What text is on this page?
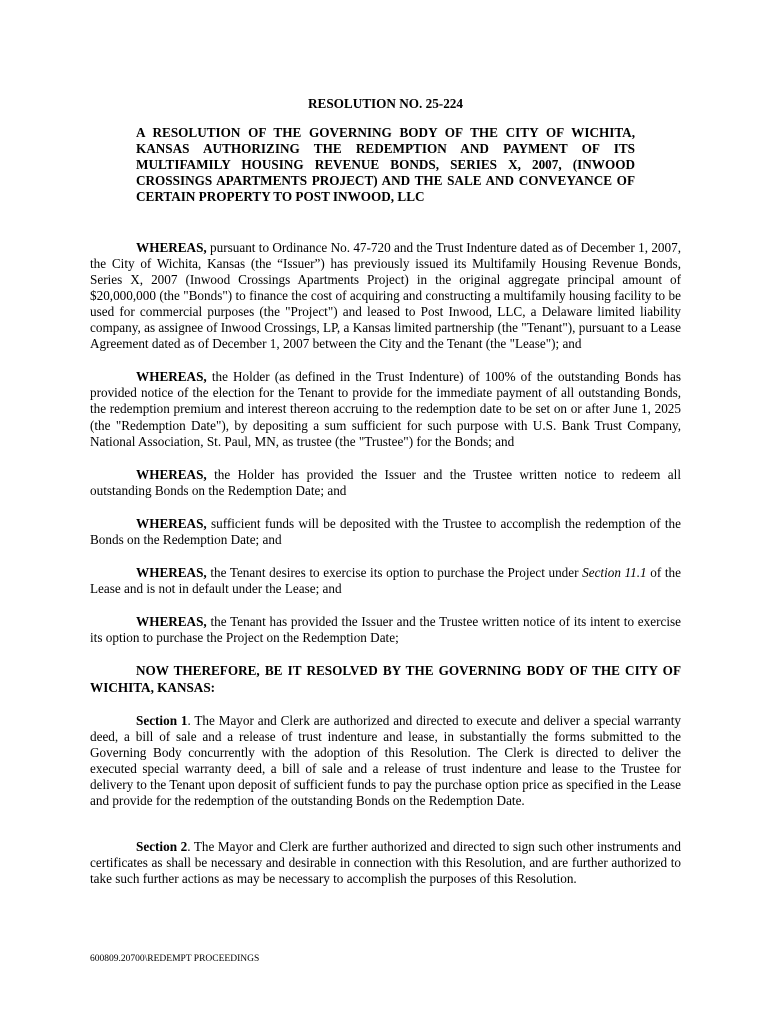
RESOLUTION NO. 25-224

A RESOLUTION OF THE GOVERNING BODY OF THE CITY OF WICHITA, KANSAS AUTHORIZING THE REDEMPTION AND PAYMENT OF ITS MULTIFAMILY HOUSING REVENUE BONDS, SERIES X, 2007, (INWOOD CROSSINGS APARTMENTS PROJECT) AND THE SALE AND CONVEYANCE OF CERTAIN PROPERTY TO POST INWOOD, LLC

WHEREAS, pursuant to Ordinance No. 47-720 and the Trust Indenture dated as of December 1, 2007, the City of Wichita, Kansas (the “Issuer”) has previously issued its Multifamily Housing Revenue Bonds, Series X, 2007 (Inwood Crossings Apartments Project) in the original aggregate principal amount of $20,000,000 (the "Bonds") to finance the cost of acquiring and constructing a multifamily housing facility to be used for commercial purposes (the "Project") and leased to Post Inwood, LLC, a Delaware limited liability company, as assignee of Inwood Crossings, LP, a Kansas limited partnership (the "Tenant"), pursuant to a Lease Agreement dated as of December 1, 2007 between the City and the Tenant (the "Lease"); and

WHEREAS, the Holder (as defined in the Trust Indenture) of 100% of the outstanding Bonds has provided notice of the election for the Tenant to provide for the immediate payment of all outstanding Bonds, the redemption premium and interest thereon accruing to the redemption date to be set on or after June 1, 2025 (the "Redemption Date"), by depositing a sum sufficient for such purpose with U.S. Bank Trust Company, National Association, St. Paul, MN, as trustee (the "Trustee") for the Bonds; and

WHEREAS, the Holder has provided the Issuer and the Trustee written notice to redeem all outstanding Bonds on the Redemption Date; and

WHEREAS, sufficient funds will be deposited with the Trustee to accomplish the redemption of the Bonds on the Redemption Date; and

WHEREAS, the Tenant desires to exercise its option to purchase the Project under Section 11.1 of the Lease and is not in default under the Lease; and

WHEREAS, the Tenant has provided the Issuer and the Trustee written notice of its intent to exercise its option to purchase the Project on the Redemption Date;

NOW THEREFORE, BE IT RESOLVED BY THE GOVERNING BODY OF THE CITY OF WICHITA, KANSAS:

Section 1. The Mayor and Clerk are authorized and directed to execute and deliver a special warranty deed, a bill of sale and a release of trust indenture and lease, in substantially the forms submitted to the Governing Body concurrently with the adoption of this Resolution. The Clerk is directed to deliver the executed special warranty deed, a bill of sale and a release of trust indenture and lease to the Trustee for delivery to the Tenant upon deposit of sufficient funds to pay the purchase option price as specified in the Lease and provide for the redemption of the outstanding Bonds on the Redemption Date.

Section 2. The Mayor and Clerk are further authorized and directed to sign such other instruments and certificates as shall be necessary and desirable in connection with this Resolution, and are further authorized to take such further actions as may be necessary to accomplish the purposes of this Resolution.

600809.20700\REDEMPT PROCEEDINGS
